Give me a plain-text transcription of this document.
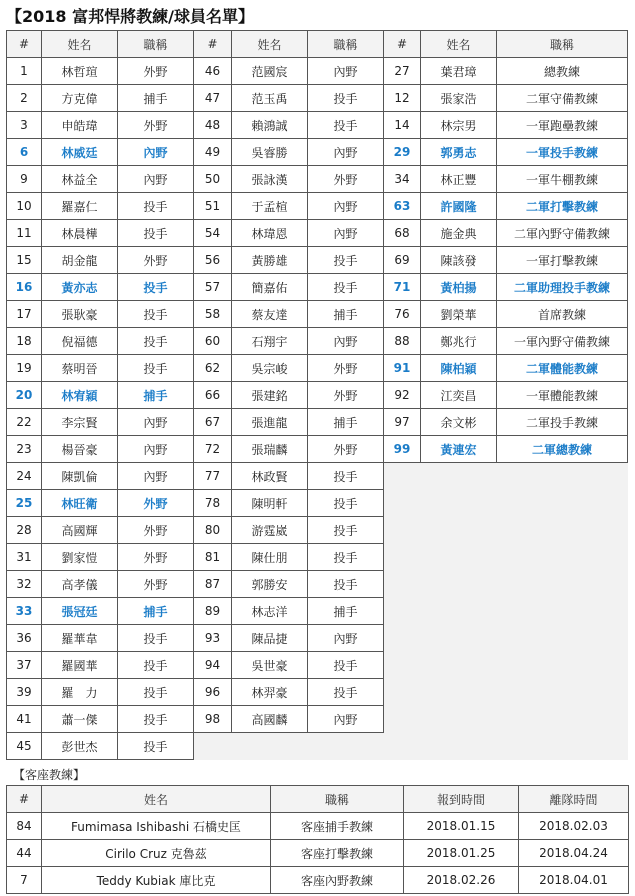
【2018 富邦悍將教練/球員名單】
#	姓名	職稱	#	姓名	職稱	#	姓名	職稱
1	林哲瑄	外野	46	范國宸	內野	27	葉君璋	總教練
2	方克偉	捕手	47	范玉禹	投手	12	張家浩	二軍守備教練
3	申皓瑋	外野	48	賴鴻誠	投手	14	林宗男	一軍跑壘教練
6	林威廷	內野	49	吳睿勝	內野	29	郭勇志	一軍投手教練
9	林益全	內野	50	張詠漢	外野	34	林正豐	一軍牛棚教練
10	羅嘉仁	投手	51	于孟楦	內野	63	許國隆	二軍打擊教練
11	林晨樺	投手	54	林瑋恩	內野	68	施金典	二軍內野守備教練
15	胡金龍	外野	56	黃勝雄	投手	69	陳該發	一軍打擊教練
16	黃亦志	投手	57	簡嘉佑	投手	71	黃柏揚	二軍助理投手教練
17	張耿豪	投手	58	蔡友達	捕手	76	劉榮華	首席教練
18	倪福德	投手	60	石翔宇	內野	88	鄭兆行	一軍內野守備教練
19	蔡明晉	投手	62	吳宗峻	外野	91	陳柏穎	二軍體能教練
20	林宥穎	捕手	66	張建銘	外野	92	江奕昌	一軍體能教練
22	李宗賢	內野	67	張進龍	捕手	97	余文彬	二軍投手教練
23	楊晉豪	內野	72	張瑞麟	外野	99	黃連宏	二軍總教練
24	陳凱倫	內野	77	林政賢	投手			
25	林旺衛	外野	78	陳明軒	投手			
28	高國輝	外野	80	游霆崴	投手			
31	劉家愷	外野	81	陳仕朋	投手			
32	高孝儀	外野	87	郭勝安	投手			
33	張冠廷	捕手	89	林志洋	捕手			
36	羅華韋	投手	93	陳品捷	內野			
37	羅國華	投手	94	吳世豪	投手			
39	羅　力	投手	96	林羿豪	投手			
41	蕭一傑	投手	98	高國麟	內野			
45	彭世杰	投手						
【客座教練】
#	姓名	職稱	報到時間	離隊時間
84	Fumimasa Ishibashi 石橋史匡	客座捕手教練	2018.01.15	2018.02.03
44	Cirilo Cruz 克魯茲	客座打擊教練	2018.01.25	2018.04.24
7	Teddy Kubiak 庫比克	客座內野教練	2018.02.26	2018.04.01
